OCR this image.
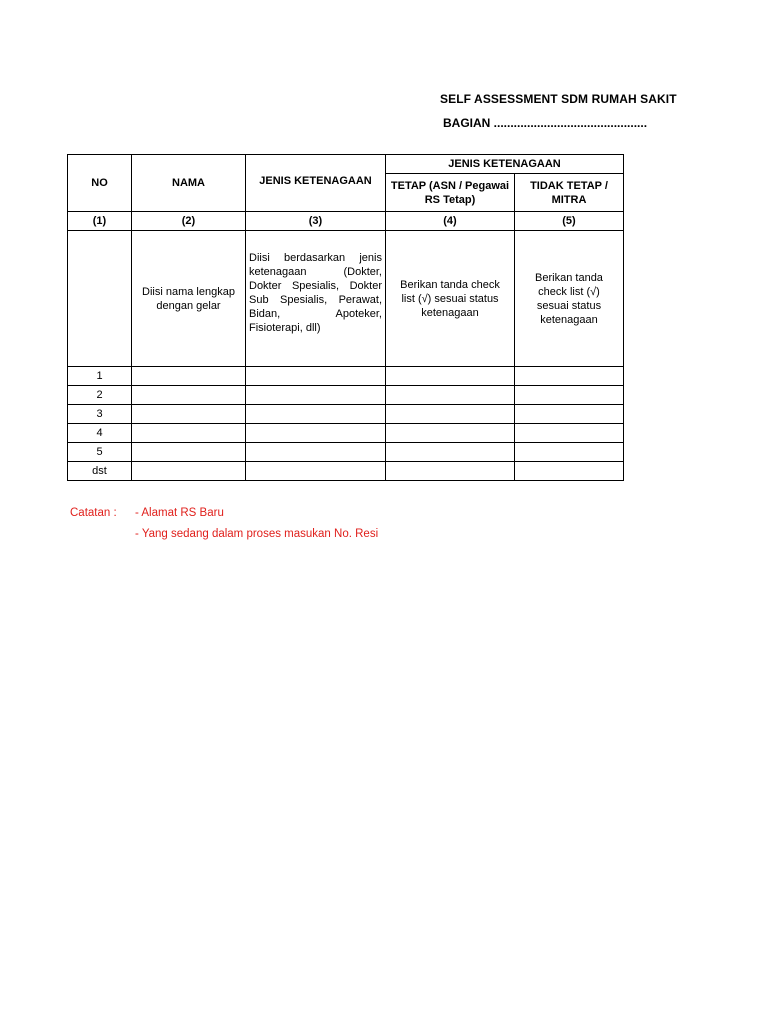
SELF ASSESSMENT SDM RUMAH SAKIT
BAGIAN ..............................................
NO	NAMA	JENIS KETENAGAAN	JENIS KETENAGAAN	
			TETAP (ASN / Pegawai RS Tetap)	TIDAK TETAP / MITRA
(1)	(2)	(3)	(4)	(5)
	Diisi nama lengkap dengan gelar	Diisi berdasarkan jenis ketenagaan (Dokter, Dokter Spesialis, Dokter Sub Spesialis, Perawat, Bidan, Apoteker, Fisioterapi, dll)	Berikan tanda check list (√) sesuai status ketenagaan	Berikan tanda check list (√) sesuai status ketenagaan
1				
2				
3				
4				
5				
dst				
Catatan :	- Alamat RS Baru
- Yang sedang dalam proses masukan No. Resi
